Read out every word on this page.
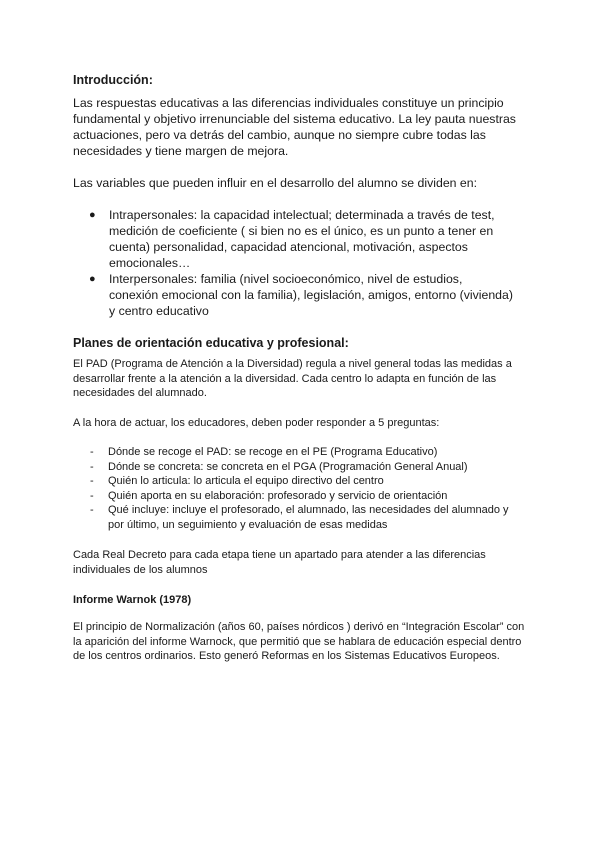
Introducción:

Las respuestas educativas a las diferencias individuales constituye un principio fundamental y objetivo irrenunciable del sistema educativo. La ley pauta nuestras actuaciones, pero va detrás del cambio, aunque no siempre cubre todas las necesidades y tiene margen de mejora.

Las variables que pueden influir en el desarrollo del alumno se dividen en:

● Intrapersonales: la capacidad intelectual; determinada a través de test, medición de coeficiente ( si bien no es el único, es un punto a tener en cuenta) personalidad, capacidad atencional, motivación, aspectos emocionales…
● Interpersonales: familia (nivel socioeconómico, nivel de estudios, conexión emocional con la familia), legislación, amigos, entorno (vivienda) y centro educativo
Planes de orientación educativa y profesional:

El PAD (Programa de Atención a la Diversidad) regula a nivel general todas las medidas a desarrollar frente a la atención a la diversidad. Cada centro lo adapta en función de las necesidades del alumnado.

A la hora de actuar, los educadores, deben poder responder a 5 preguntas:

- Dónde se recoge el PAD: se recoge en el PE (Programa Educativo)
- Dónde se concreta: se concreta en el PGA (Programación General Anual)
- Quién lo articula: lo articula el equipo directivo del centro
- Quién aporta en su elaboración: profesorado y servicio de orientación
- Qué incluye: incluye el profesorado, el alumnado, las necesidades del alumnado y por último, un seguimiento y evaluación de esas medidas

Cada Real Decreto para cada etapa tiene un apartado para atender a las diferencias individuales de los alumnos

Informe Warnok (1978)

El principio de Normalización (años 60, países nórdicos ) derivó en “Integración Escolar” con la aparición del informe Warnock, que permitió que se hablara de educación especial dentro de los centros ordinarios. Esto generó Reformas en los Sistemas Educativos Europeos.
